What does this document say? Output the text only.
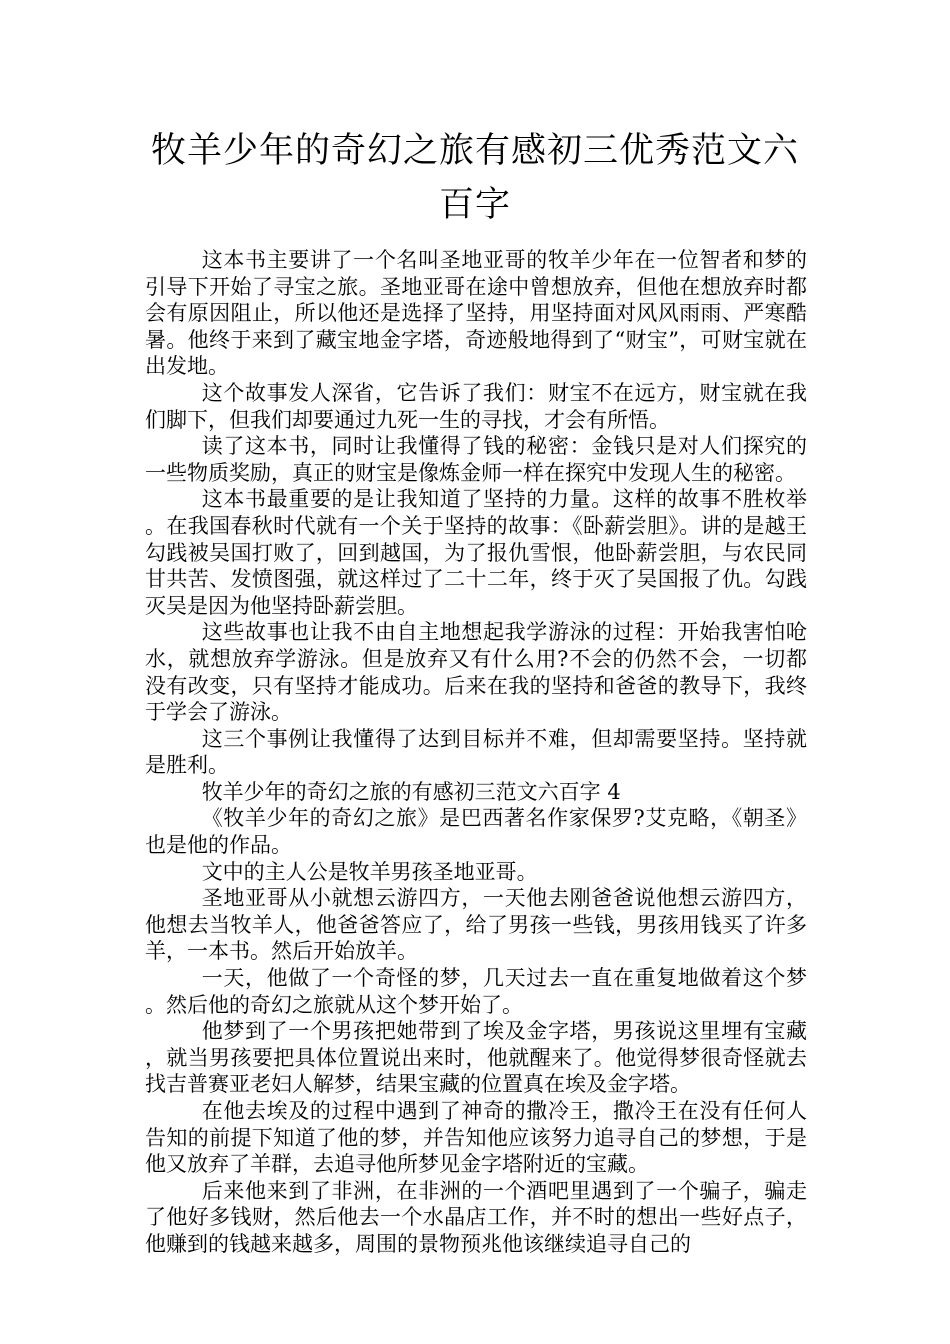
牧羊少年的奇幻之旅有感初三优秀范文六百字

这本书主要讲了一个名叫圣地亚哥的牧羊少年在一位智者和梦的引导下开始了寻宝之旅。圣地亚哥在途中曾想放弃，但他在想放弃时都会有原因阻止，所以他还是选择了坚持，用坚持面对风风雨雨、严寒酷暑。他终于来到了藏宝地金字塔，奇迹般地得到了“财宝”，可财宝就在出发地。

这个故事发人深省，它告诉了我们：财宝不在远方，财宝就在我们脚下，但我们却要通过九死一生的寻找，才会有所悟。

读了这本书，同时让我懂得了钱的秘密：金钱只是对人们探究的一些物质奖励，真正的财宝是像炼金师一样在探究中发现人生的秘密。

这本书最重要的是让我知道了坚持的力量。这样的故事不胜枚举。在我国春秋时代就有一个关于坚持的故事：《卧薪尝胆》。讲的是越王勾践被吴国打败了，回到越国，为了报仇雪恨，他卧薪尝胆，与农民同甘共苦、发愤图强，就这样过了二十二年，终于灭了吴国报了仇。勾践灭吴是因为他坚持卧薪尝胆。

这些故事也让我不由自主地想起我学游泳的过程：开始我害怕呛水，就想放弃学游泳。但是放弃又有什么用?不会的仍然不会，一切都没有改变，只有坚持才能成功。后来在我的坚持和爸爸的教导下，我终于学会了游泳。

这三个事例让我懂得了达到目标并不难，但却需要坚持。坚持就是胜利。

牧羊少年的奇幻之旅的有感初三范文六百字 4

《牧羊少年的奇幻之旅》是巴西著名作家保罗?艾克略，《朝圣》也是他的作品。

文中的主人公是牧羊男孩圣地亚哥。

圣地亚哥从小就想云游四方，一天他去刚爸爸说他想云游四方，他想去当牧羊人，他爸爸答应了，给了男孩一些钱，男孩用钱买了许多羊，一本书。然后开始放羊。

一天，他做了一个奇怪的梦，几天过去一直在重复地做着这个梦。然后他的奇幻之旅就从这个梦开始了。

他梦到了一个男孩把她带到了埃及金字塔，男孩说这里埋有宝藏，就当男孩要把具体位置说出来时，他就醒来了。他觉得梦很奇怪就去找吉普赛亚老妇人解梦，结果宝藏的位置真在埃及金字塔。

在他去埃及的过程中遇到了神奇的撒冷王，撒冷王在没有任何人告知的前提下知道了他的梦，并告知他应该努力追寻自己的梦想，于是他又放弃了羊群，去追寻他所梦见金字塔附近的宝藏。

后来他来到了非洲，在非洲的一个酒吧里遇到了一个骗子，骗走了他好多钱财，然后他去一个水晶店工作，并不时的想出一些好点子，他赚到的钱越来越多，周围的景物预兆他该继续追寻自己的
